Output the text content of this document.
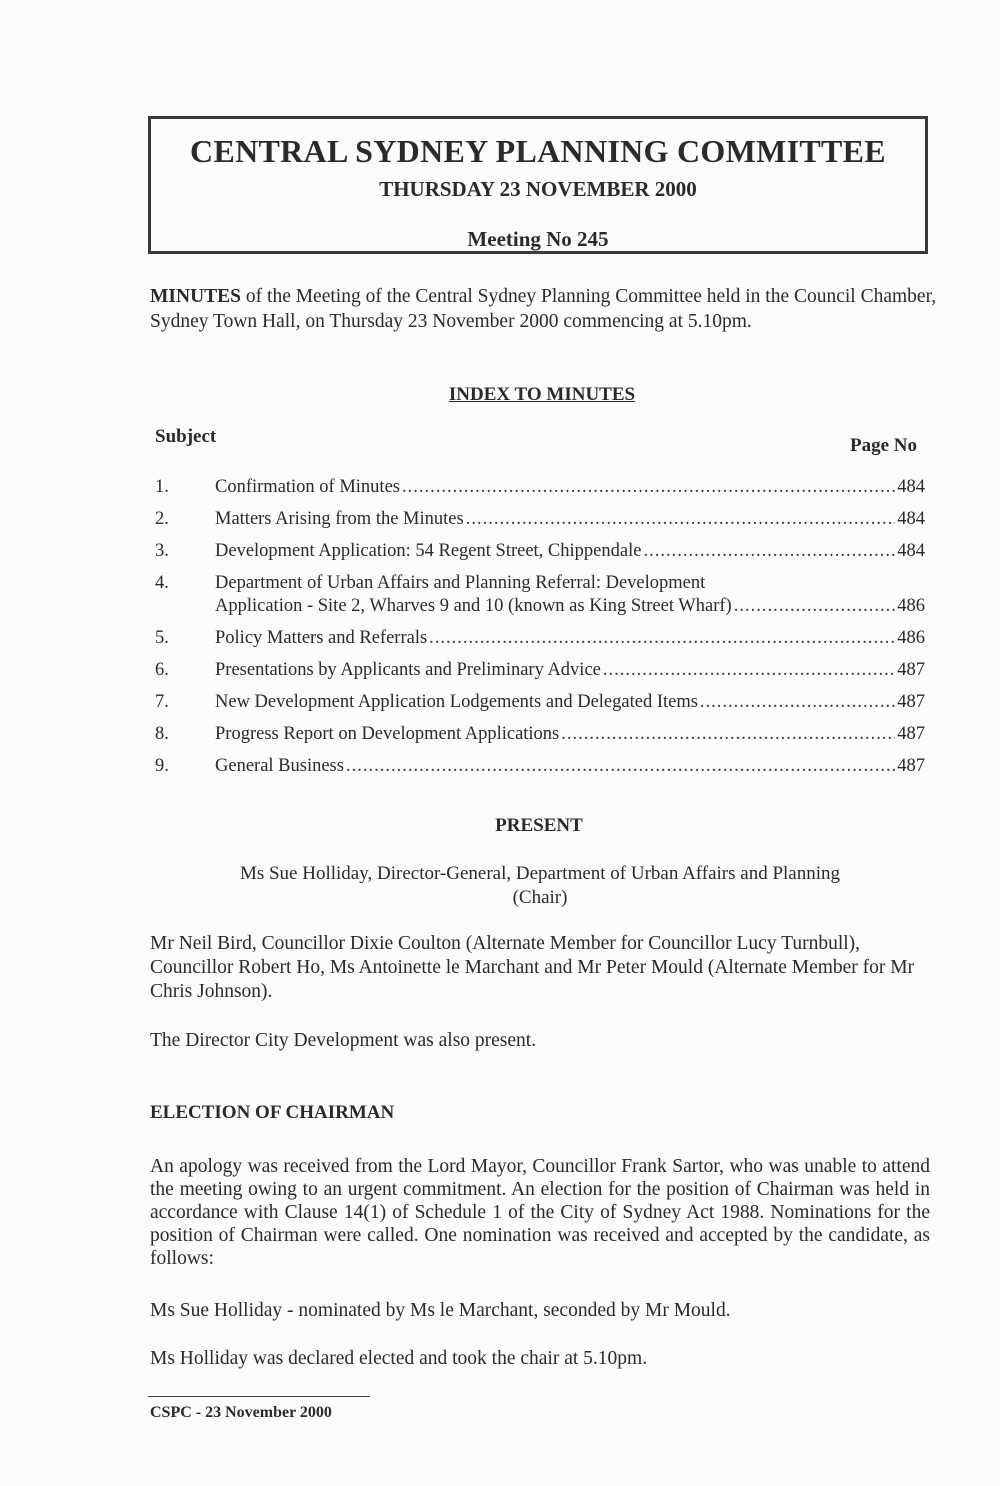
CENTRAL SYDNEY PLANNING COMMITTEE
THURSDAY 23 NOVEMBER 2000
Meeting No 245
MINUTES of the Meeting of the Central Sydney Planning Committee held in the Council Chamber, Sydney Town Hall, on Thursday 23 November 2000 commencing at 5.10pm.
INDEX TO MINUTES
Subject	Page No
1.	Confirmation of Minutes .....	484
2.	Matters Arising from the Minutes .....	484
3.	Development Application: 54 Regent Street, Chippendale .....	484
4.	Department of Urban Affairs and Planning Referral: Development
Application - Site 2, Wharves 9 and 10 (known as King Street Wharf) .....	486
5.	Policy Matters and Referrals .....	486
6.	Presentations by Applicants and Preliminary Advice .....	487
7.	New Development Application Lodgements and Delegated Items .....	487
8.	Progress Report on Development Applications .....	487
9.	General Business .....	487
PRESENT
Ms Sue Holliday, Director-General, Department of Urban Affairs and Planning
(Chair)
Mr Neil Bird, Councillor Dixie Coulton (Alternate Member for Councillor Lucy Turnbull), Councillor Robert Ho, Ms Antoinette le Marchant and Mr Peter Mould (Alternate Member for Mr Chris Johnson).
The Director City Development was also present.
ELECTION OF CHAIRMAN
An apology was received from the Lord Mayor, Councillor Frank Sartor, who was unable to attend the meeting owing to an urgent commitment. An election for the position of Chairman was held in accordance with Clause 14(1) of Schedule 1 of the City of Sydney Act 1988. Nominations for the position of Chairman were called. One nomination was received and accepted by the candidate, as follows:
Ms Sue Holliday - nominated by Ms le Marchant, seconded by Mr Mould.
Ms Holliday was declared elected and took the chair at 5.10pm.
CSPC - 23 November 2000
